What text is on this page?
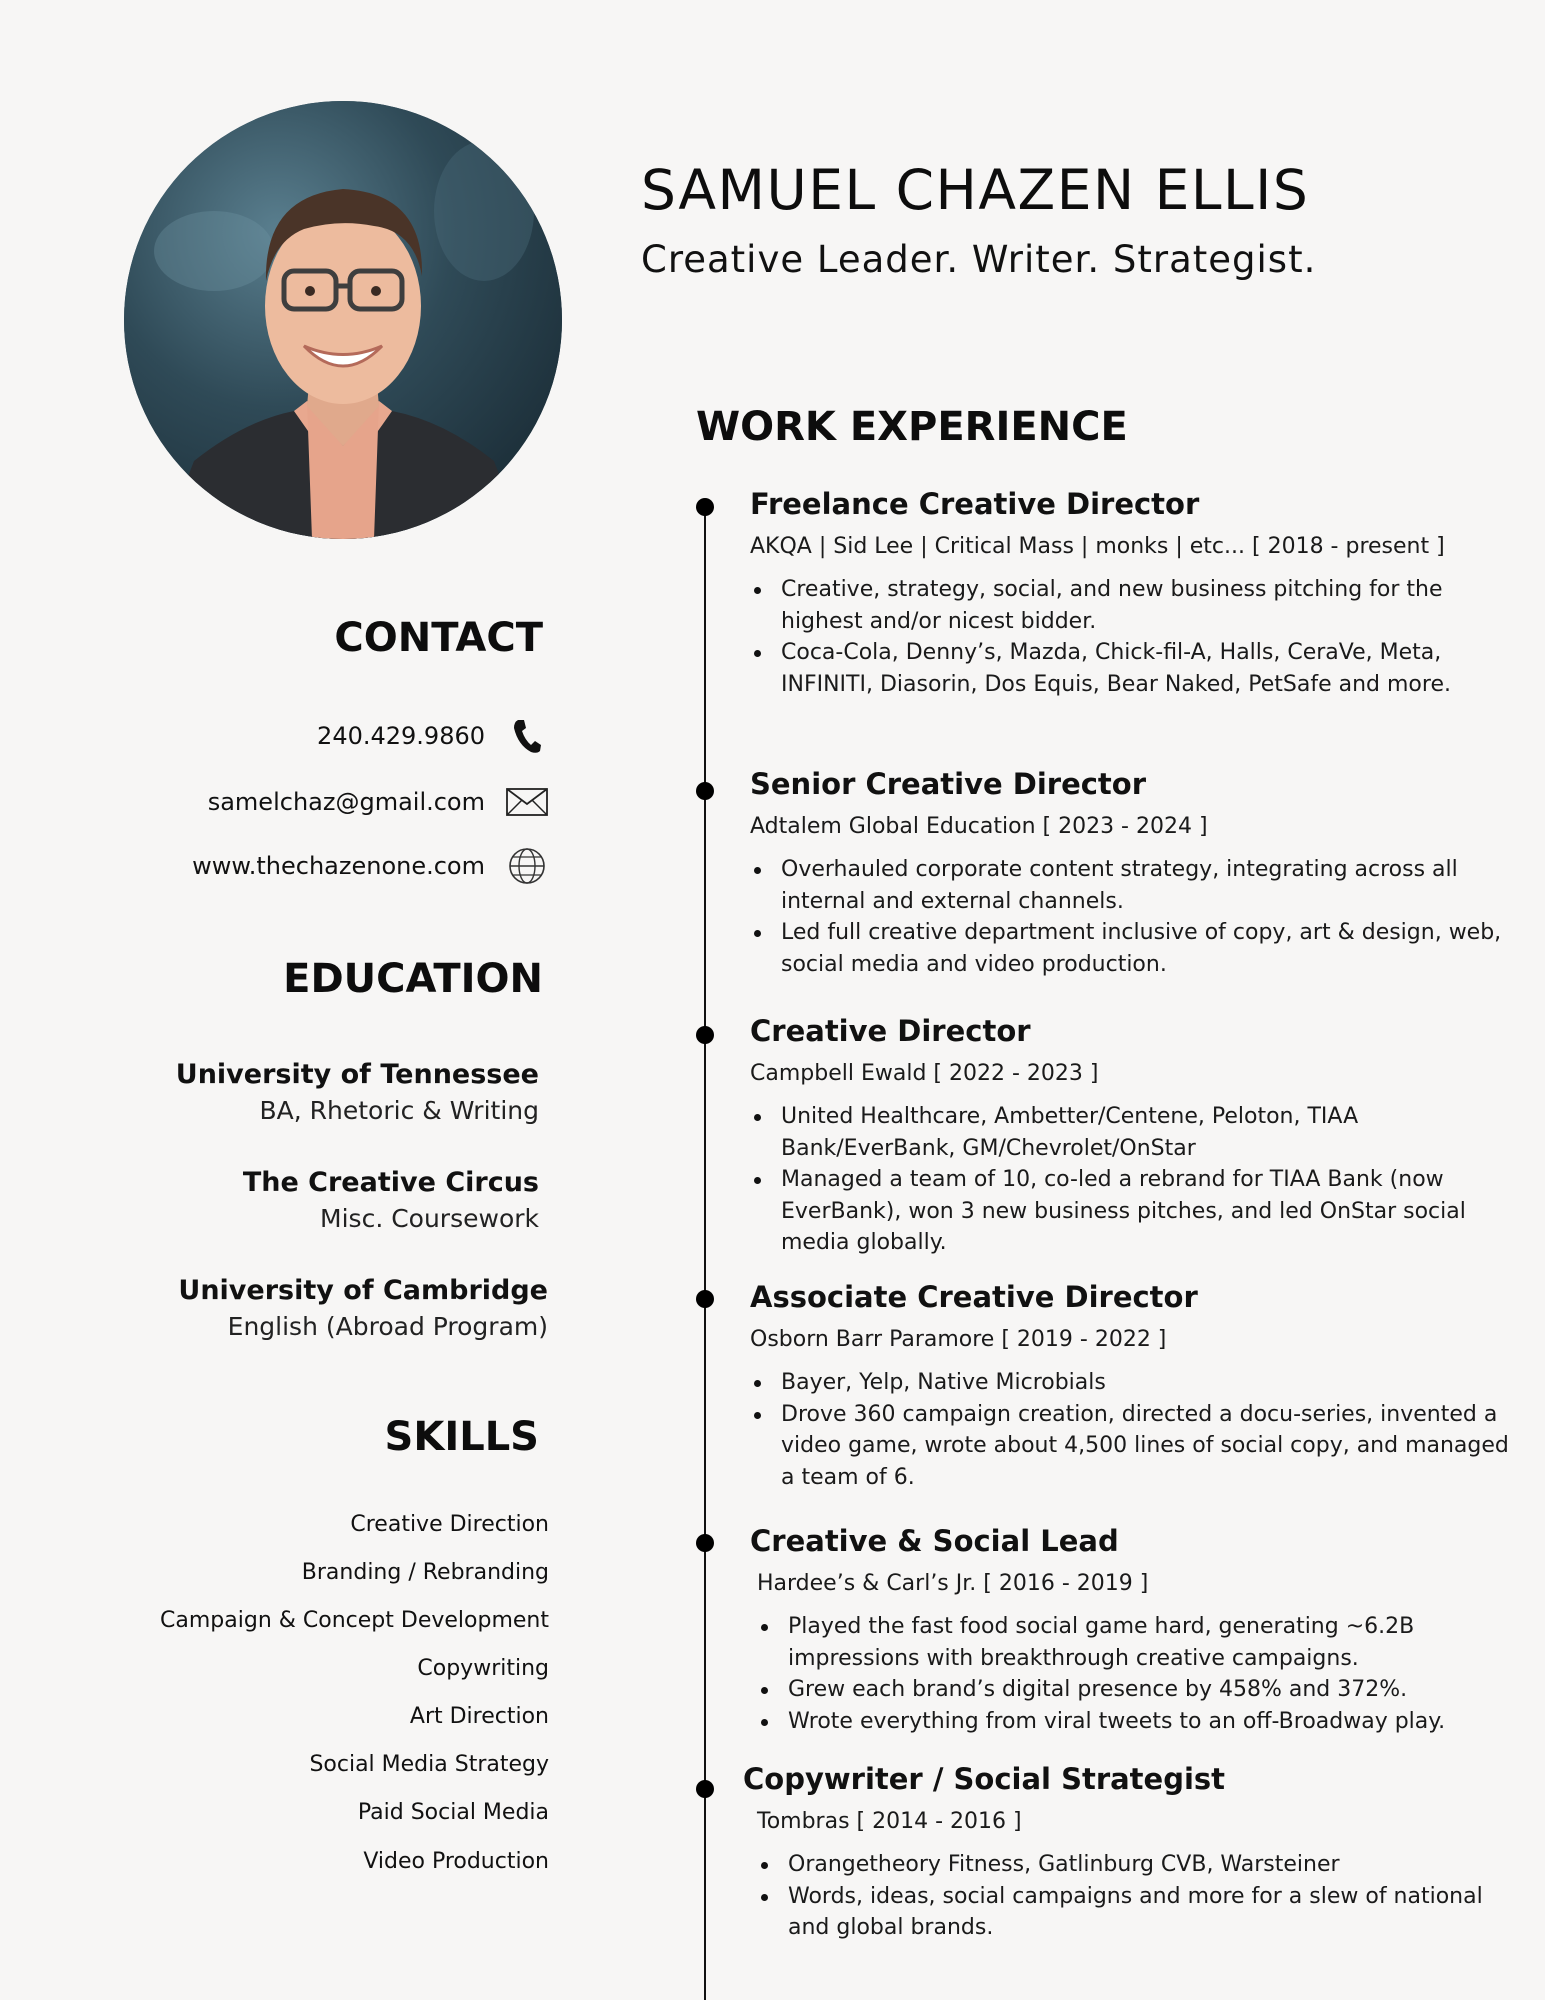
SAMUEL CHAZEN ELLIS
Creative Leader. Writer. Strategist.
CONTACT
240.429.9860
samelchaz@gmail.com
www.thechazenone.com
EDUCATION
University of Tennessee
BA, Rhetoric & Writing
The Creative Circus
Misc. Coursework
University of Cambridge
English (Abroad Program)
SKILLS
Creative Direction
Branding / Rebranding
Campaign & Concept Development
Copywriting
Art Direction
Social Media Strategy
Paid Social Media
Video Production
WORK EXPERIENCE
Freelance Creative Director
AKQA | Sid Lee | Critical Mass | monks | etc... [ 2018 - present ]
Creative, strategy, social, and new business pitching for the highest and/or nicest bidder.
Coca-Cola, Denny’s, Mazda, Chick-fil-A, Halls, CeraVe, Meta, INFINITI, Diasorin, Dos Equis, Bear Naked, PetSafe and more.
Senior Creative Director
Adtalem Global Education [ 2023 - 2024 ]
Overhauled corporate content strategy, integrating across all internal and external channels.
Led full creative department inclusive of copy, art & design, web, social media and video production.
Creative Director
Campbell Ewald [ 2022 - 2023 ]
United Healthcare, Ambetter/Centene, Peloton, TIAA Bank/EverBank, GM/Chevrolet/OnStar
Managed a team of 10, co-led a rebrand for TIAA Bank (now EverBank), won 3 new business pitches, and led OnStar social media globally.
Associate Creative Director
Osborn Barr Paramore [ 2019 - 2022 ]
Bayer, Yelp, Native Microbials
Drove 360 campaign creation, directed a docu-series, invented a video game, wrote about 4,500 lines of social copy, and managed a team of 6.
Creative & Social Lead
Hardee’s & Carl’s Jr. [ 2016 - 2019 ]
Played the fast food social game hard, generating ~6.2B impressions with breakthrough creative campaigns.
Grew each brand’s digital presence by 458% and 372%.
Wrote everything from viral tweets to an off-Broadway play.
Copywriter / Social Strategist
Tombras [ 2014 - 2016 ]
Orangetheory Fitness, Gatlinburg CVB, Warsteiner
Words, ideas, social campaigns and more for a slew of national and global brands.
